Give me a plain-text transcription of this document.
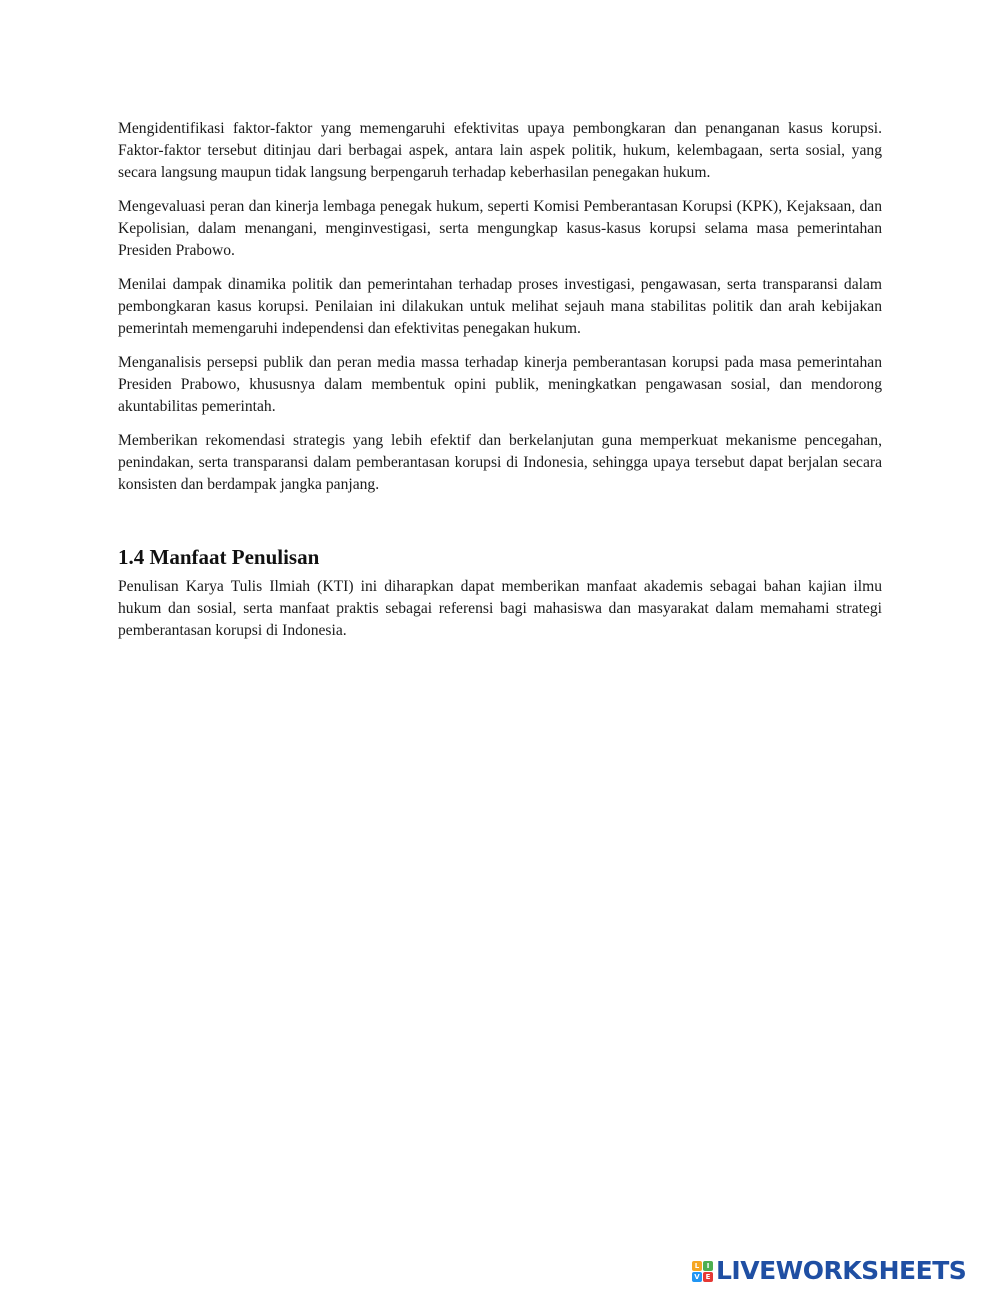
Mengidentifikasi faktor-faktor yang memengaruhi efektivitas upaya pembongkaran dan penanganan kasus korupsi. Faktor-faktor tersebut ditinjau dari berbagai aspek, antara lain aspek politik, hukum, kelembagaan, serta sosial, yang secara langsung maupun tidak langsung berpengaruh terhadap keberhasilan penegakan hukum.

Mengevaluasi peran dan kinerja lembaga penegak hukum, seperti Komisi Pemberantasan Korupsi (KPK), Kejaksaan, dan Kepolisian, dalam menangani, menginvestigasi, serta mengungkap kasus-kasus korupsi selama masa pemerintahan Presiden Prabowo.

Menilai dampak dinamika politik dan pemerintahan terhadap proses investigasi, pengawasan, serta transparansi dalam pembongkaran kasus korupsi. Penilaian ini dilakukan untuk melihat sejauh mana stabilitas politik dan arah kebijakan pemerintah memengaruhi independensi dan efektivitas penegakan hukum.

Menganalisis persepsi publik dan peran media massa terhadap kinerja pemberantasan korupsi pada masa pemerintahan Presiden Prabowo, khususnya dalam membentuk opini publik, meningkatkan pengawasan sosial, dan mendorong akuntabilitas pemerintah.

Memberikan rekomendasi strategis yang lebih efektif dan berkelanjutan guna memperkuat mekanisme pencegahan, penindakan, serta transparansi dalam pemberantasan korupsi di Indonesia, sehingga upaya tersebut dapat berjalan secara konsisten dan berdampak jangka panjang.

1.4 Manfaat Penulisan

Penulisan Karya Tulis Ilmiah (KTI) ini diharapkan dapat memberikan manfaat akademis sebagai bahan kajian ilmu hukum dan sosial, serta manfaat praktis sebagai referensi bagi mahasiswa dan masyarakat dalam memahami strategi pemberantasan korupsi di Indonesia.

L	I
V E LIVEWORKSHEETS
